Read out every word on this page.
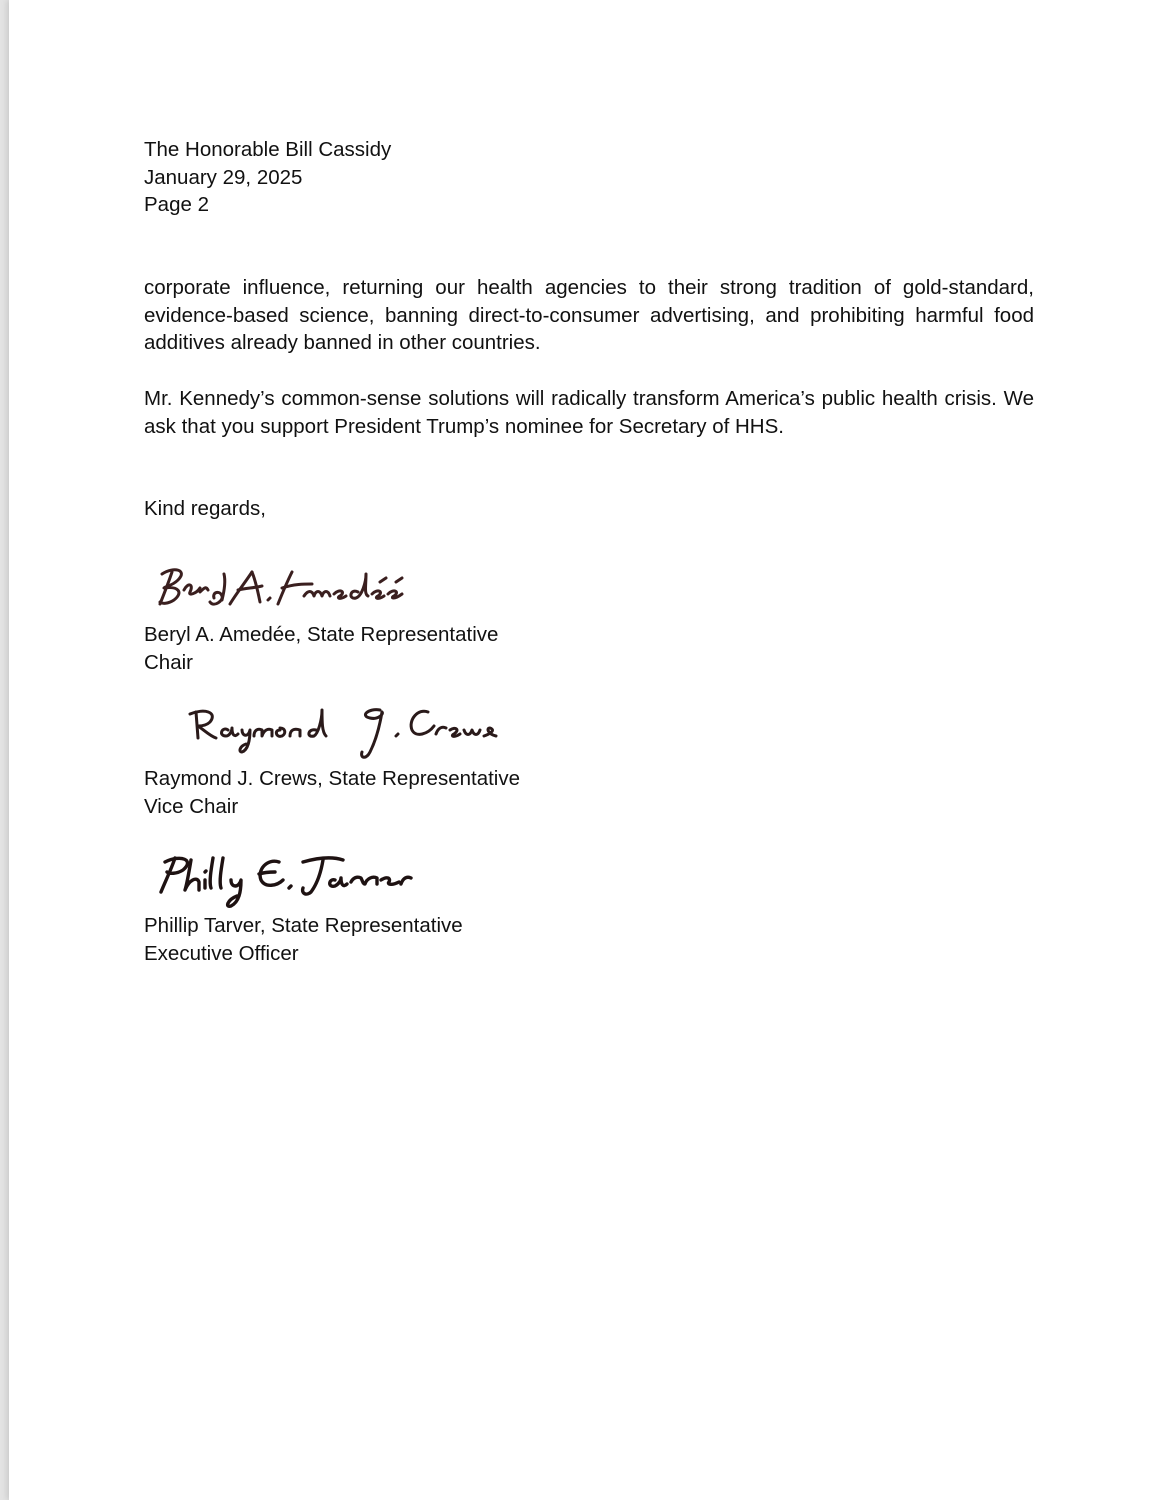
The Honorable Bill Cassidy
January 29, 2025
Page 2
corporate influence, returning our health agencies to their strong tradition of gold-standard, evidence-based science, banning direct-to-consumer advertising, and prohibiting harmful food additives already banned in other countries.
Mr. Kennedy’s common-sense solutions will radically transform America’s public health crisis. We ask that you support President Trump’s nominee for Secretary of HHS.
Kind regards,
Beryl A. Amedée, State Representative
Chair
Raymond J. Crews, State Representative
Vice Chair
Phillip Tarver, State Representative
Executive Officer
